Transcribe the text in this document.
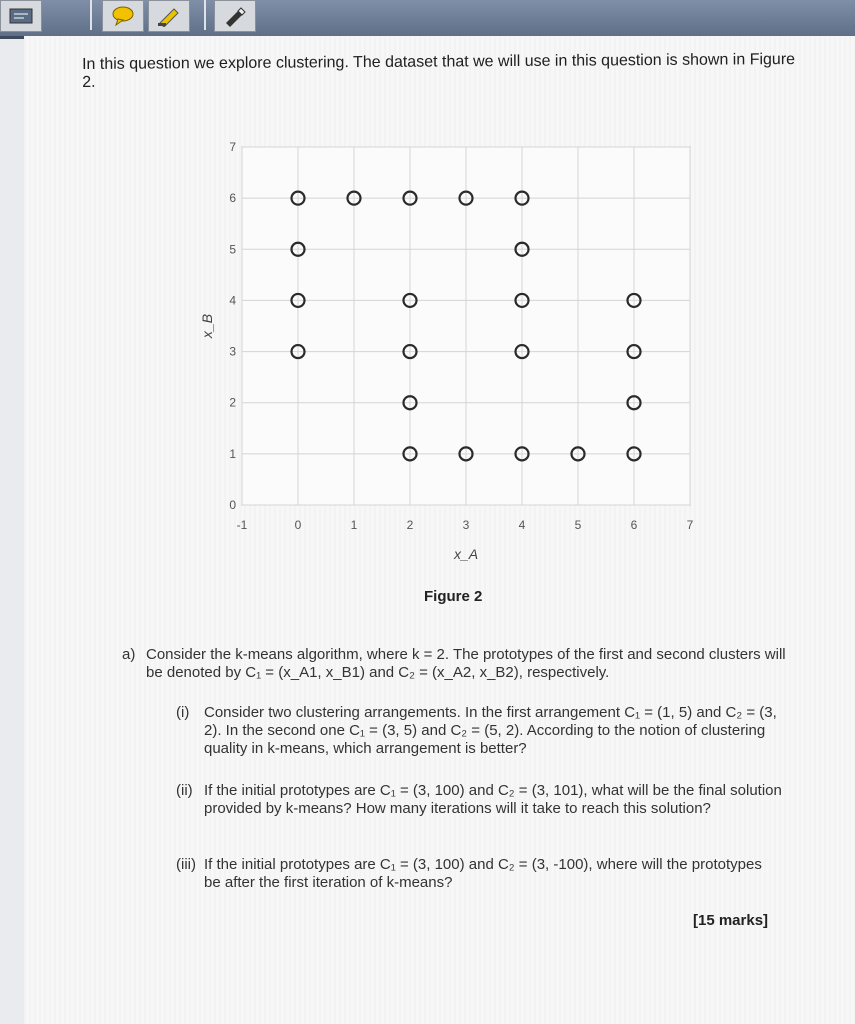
In this question we explore clustering. The dataset that we will use in this question is shown in Figure 2.
-1	0	1	2	3	4	5	6	7
0
1
2
3
4
5
6
7
x_A
x_B
Figure 2
a) Consider the k-means algorithm, where k = 2. The prototypes of the first and second clusters will be denoted by C₁ = (x_A1, x_B1) and C₂ = (x_A2, x_B2), respectively.
(i) Consider two clustering arrangements. In the first arrangement C₁ = (1, 5) and C₂ = (3, 2). In the second one C₁ = (3, 5) and C₂ = (5, 2). According to the notion of clustering quality in k-means, which arrangement is better?
(ii) If the initial prototypes are C₁ = (3, 100) and C₂ = (3, 101), what will be the final solution provided by k-means? How many iterations will it take to reach this solution?
(iii) If the initial prototypes are C₁ = (3, 100) and C₂ = (3, -100), where will the prototypes be after the first iteration of k-means?
[15 marks]
